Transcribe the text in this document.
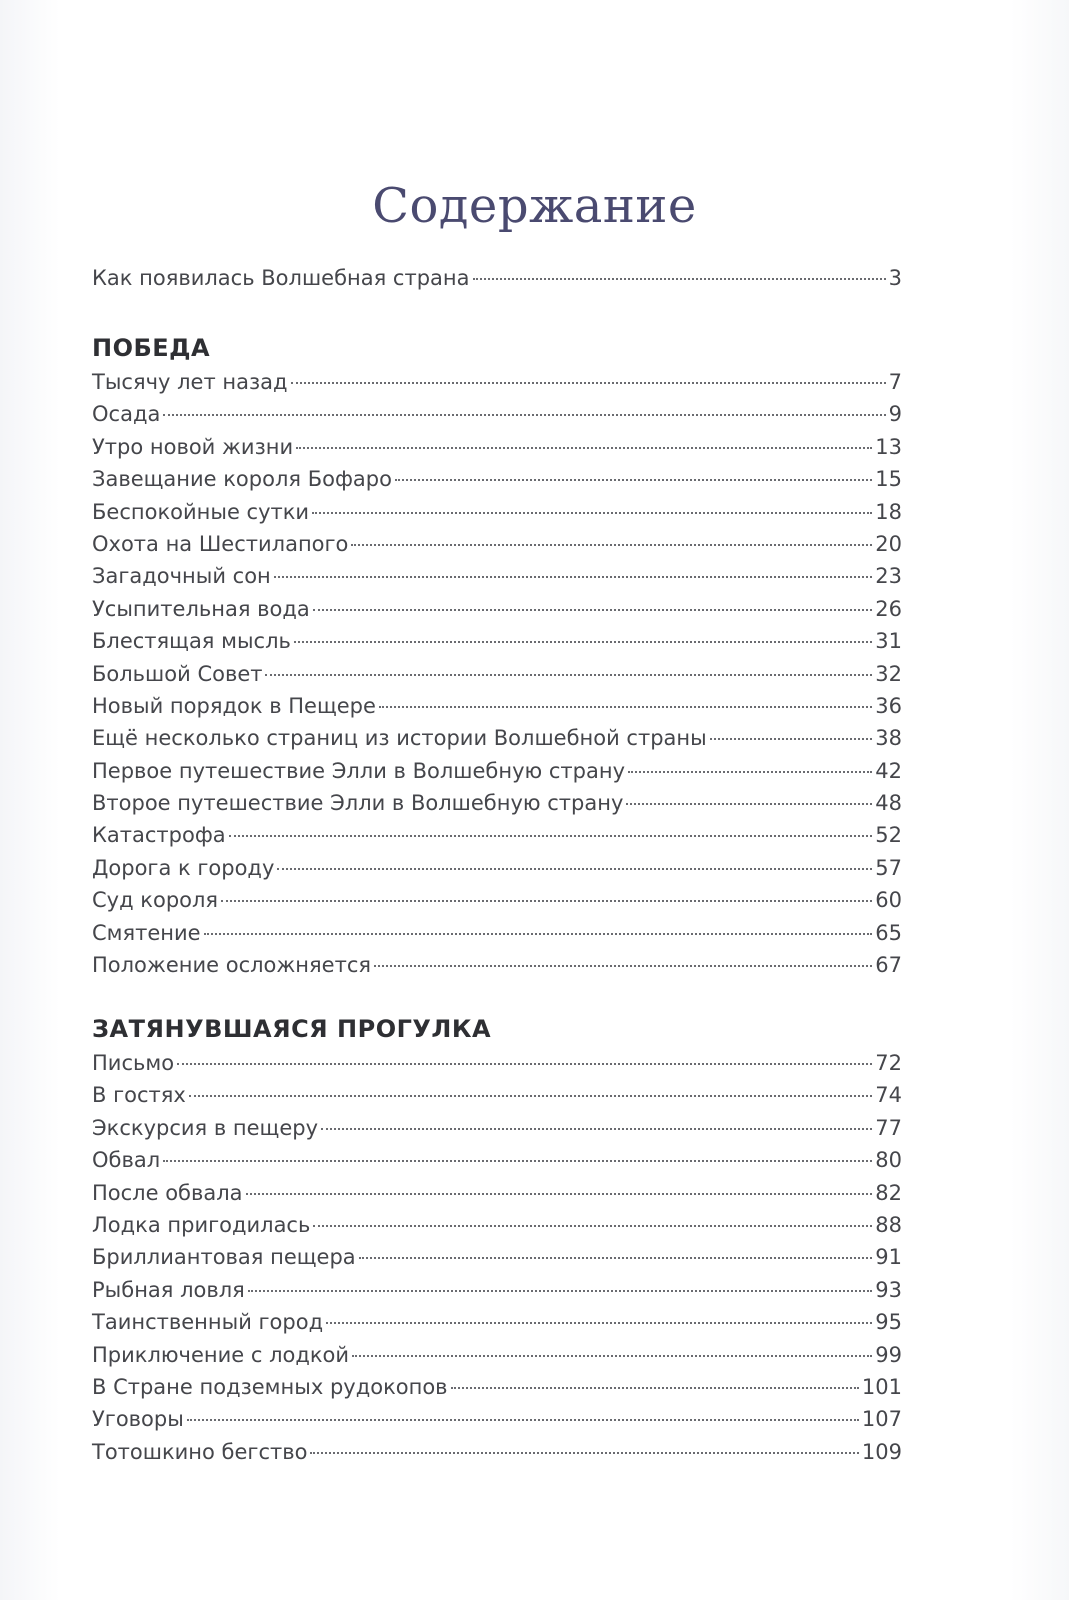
Содержание
Как появилась Волшебная страна	3
ПОБЕДА
Тысячу лет назад	7
Осада	9
Утро новой жизни	13
Завещание короля Бофаро	15
Беспокойные сутки	18
Охота на Шестилапого	20
Загадочный сон	23
Усыпительная вода	26
Блестящая мысль	31
Большой Совет	32
Новый порядок в Пещере	36
Ещё несколько страниц из истории Волшебной страны	38
Первое путешествие Элли в Волшебную страну	42
Второе путешествие Элли в Волшебную страну	48
Катастрофа	52
Дорога к городу	57
Суд короля	60
Смятение	65
Положение осложняется	67
ЗАТЯНУВШАЯСЯ ПРОГУЛКА
Письмо	72
В гостях	74
Экскурсия в пещеру	77
Обвал	80
После обвала	82
Лодка пригодилась	88
Бриллиантовая пещера	91
Рыбная ловля	93
Таинственный город	95
Приключение с лодкой	99
В Стране подземных рудокопов	101
Уговоры	107
Тотошкино бегство	109
